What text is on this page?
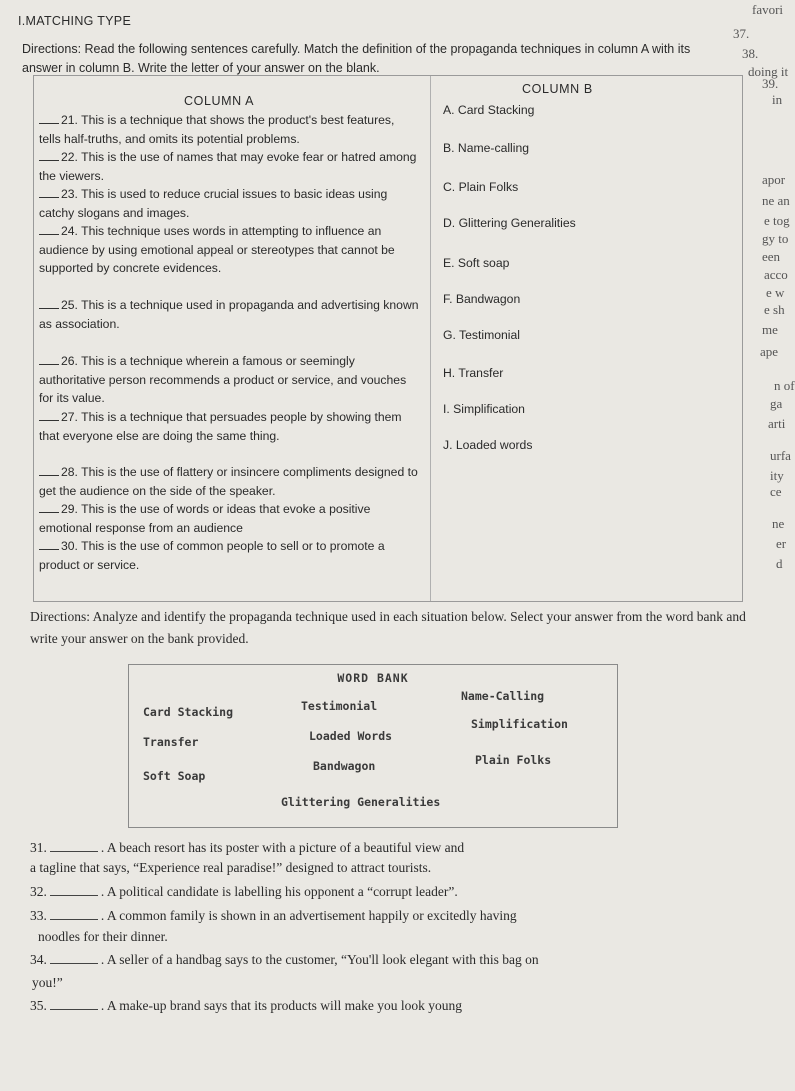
I.MATCHING TYPE
Directions: Read the following sentences carefully. Match the definition of the propaganda techniques in column A with its answer in column B. Write the letter of your answer on the blank.
favori
37.
38.
doing it
39.
in
apor
ne an
e tog
gy to
een
acco
e w
e sh
me
ape
n of
ga
arti
urfa
ity
ce
ne
er
d
COLUMN A
COLUMN B
21. This is a technique that shows the product's best features, tells half-truths, and omits its potential problems.
22. This is the use of names that may evoke fear or hatred among the viewers.
23. This is used to reduce crucial issues to basic ideas using catchy slogans and images.
24. This technique uses words in attempting to influence an audience by using emotional appeal or stereotypes that cannot be supported by concrete evidences.
25. This is a technique used in propaganda and advertising known as association.
26. This is a technique wherein a famous or seemingly authoritative person recommends a product or service, and vouches for its value.
27. This is a technique that persuades people by showing them that everyone else are doing the same thing.
28. This is the use of flattery or insincere compliments designed to get the audience on the side of the speaker.
29. This is the use of words or ideas that evoke a positive emotional response from an audience
30. This is the use of common people to sell or to promote a product or service.
A. Card Stacking
B. Name-calling
C. Plain Folks
D. Glittering Generalities
E. Soft soap
F. Bandwagon
G. Testimonial
H. Transfer
I. Simplification
J. Loaded words
Directions: Analyze and identify the propaganda technique used in each situation below. Select your answer from the word bank and write your answer on the bank provided.
WORD BANK
Card Stacking	Testimonial
Name-Calling
Transfer	Loaded Words
Simplification
Soft Soap
Bandwagon	Plain Folks
Glittering Generalities
31.	. A beach resort has its poster with a picture of a beautiful view and
a tagline that says, “Experience real paradise!” designed to attract tourists.
32.	. A political candidate is labelling his opponent a “corrupt leader”.
33.	. A common family is shown in an advertisement happily or excitedly having
noodles for their dinner.
34.	. A seller of a handbag says to the customer, “You'll look elegant with this bag on
you!”
35.	. A make-up brand says that its products will make you look young
